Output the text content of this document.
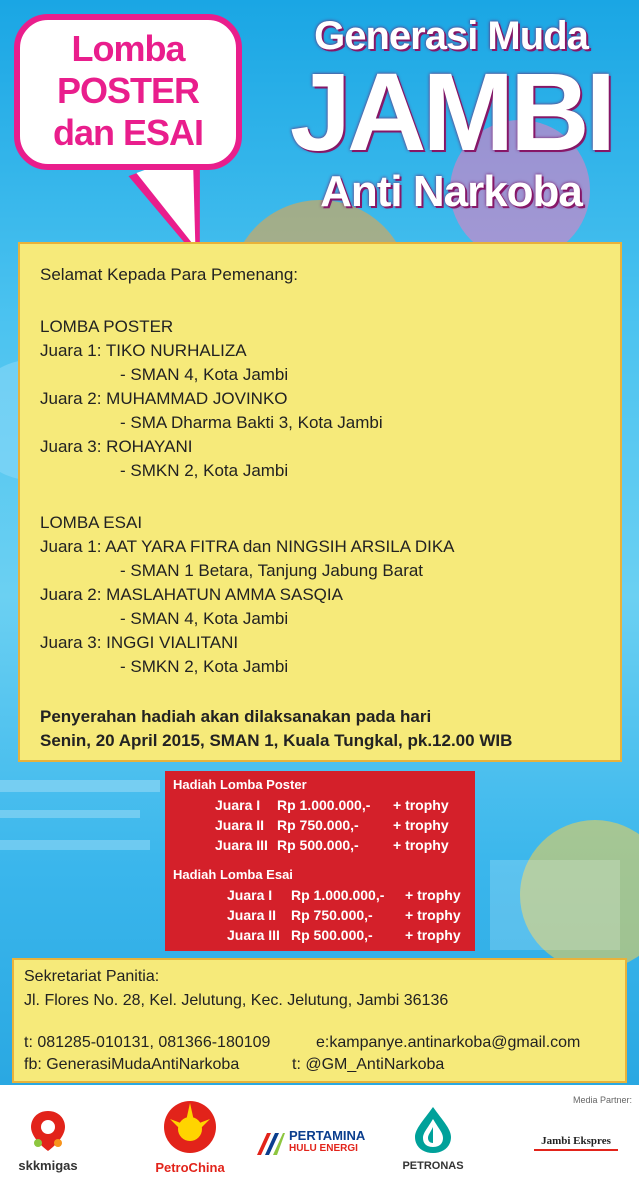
Lomba
POSTER
dan ESAI
Generasi Muda
JAMBI
Anti Narkoba
Selamat Kepada Para Pemenang:
LOMBA POSTER
Juara 1: TIKO NURHALIZA
- SMAN 4, Kota Jambi
Juara 2: MUHAMMAD JOVINKO
- SMA Dharma Bakti 3, Kota Jambi
Juara 3: ROHAYANI
- SMKN 2, Kota Jambi
LOMBA ESAI
Juara 1: AAT YARA FITRA dan NINGSIH ARSILA DIKA
- SMAN 1 Betara, Tanjung Jabung Barat
Juara 2: MASLAHATUN AMMA SASQIA
- SMAN 4, Kota Jambi
Juara 3: INGGI VIALITANI
- SMKN 2, Kota Jambi
Penyerahan hadiah akan dilaksanakan pada hari
Senin, 20 April 2015, SMAN 1, Kuala Tungkal, pk.12.00 WIB
Hadiah Lomba Poster
Juara I Rp 1.000.000,- + trophy
Juara II Rp 750.000,- + trophy
Juara III Rp 500.000,- + trophy
Hadiah Lomba Esai
Juara I Rp 1.000.000,- + trophy
Juara II Rp 750.000,- + trophy
Juara III Rp 500.000,- + trophy
Sekretariat Panitia:
Jl. Flores No. 28, Kel. Jelutung, Kec. Jelutung, Jambi 36136
t: 081285-010131, 081366-180109	e:kampanye.antinarkoba@gmail.com
fb: GenerasiMudaAntiNarkoba	t: @GM_AntiNarkoba
skkmigas	PetroChina
PERTAMINA
HULU ENERGI
PETRONAS
Media Partner:
Jambi Ekspres
